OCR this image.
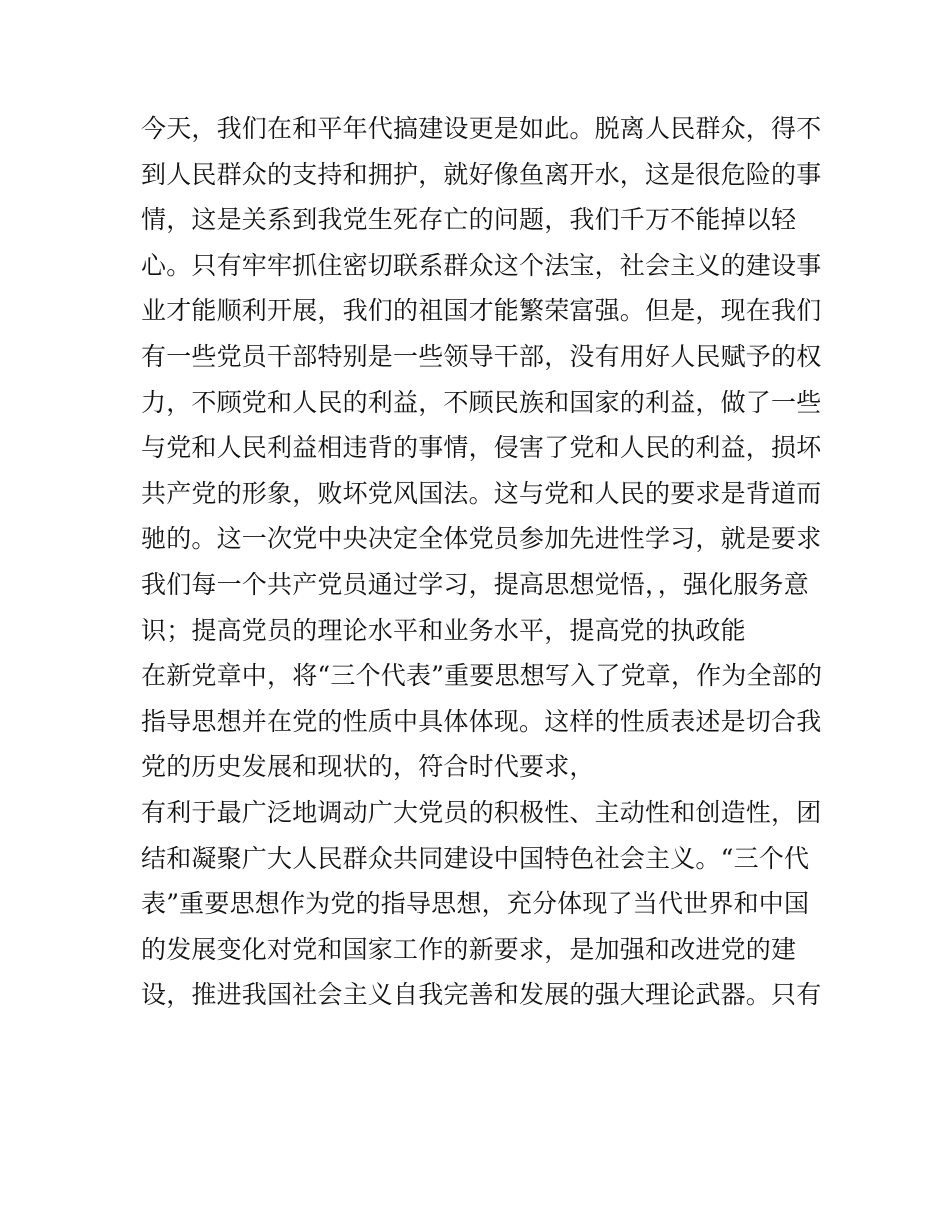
今天，我们在和平年代搞建设更是如此。脱离人民群众，得不
到人民群众的支持和拥护，就好像鱼离开水，这是很危险的事
情，这是关系到我党生死存亡的问题，我们千万不能掉以轻
心。只有牢牢抓住密切联系群众这个法宝，社会主义的建设事
业才能顺利开展，我们的祖国才能繁荣富强。但是，现在我们
有一些党员干部特别是一些领导干部，没有用好人民赋予的权
力，不顾党和人民的利益，不顾民族和国家的利益，做了一些
与党和人民利益相违背的事情，侵害了党和人民的利益，损坏
共产党的形象，败坏党风国法。这与党和人民的要求是背道而
驰的。这一次党中央决定全体党员参加先进性学习，就是要求
我们每一个共产党员通过学习，提高思想觉悟，，强化服务意
识；提高党员的理论水平和业务水平，提高党的执政能
在新党章中，将“三个代表”重要思想写入了党章，作为全部的
指导思想并在党的性质中具体体现。这样的性质表述是切合我
党的历史发展和现状的，符合时代要求，
有利于最广泛地调动广大党员的积极性、主动性和创造性，团
结和凝聚广大人民群众共同建设中国特色社会主义。“三个代
表”重要思想作为党的指导思想，充分体现了当代世界和中国
的发展变化对党和国家工作的新要求，是加强和改进党的建
设，推进我国社会主义自我完善和发展的强大理论武器。只有
